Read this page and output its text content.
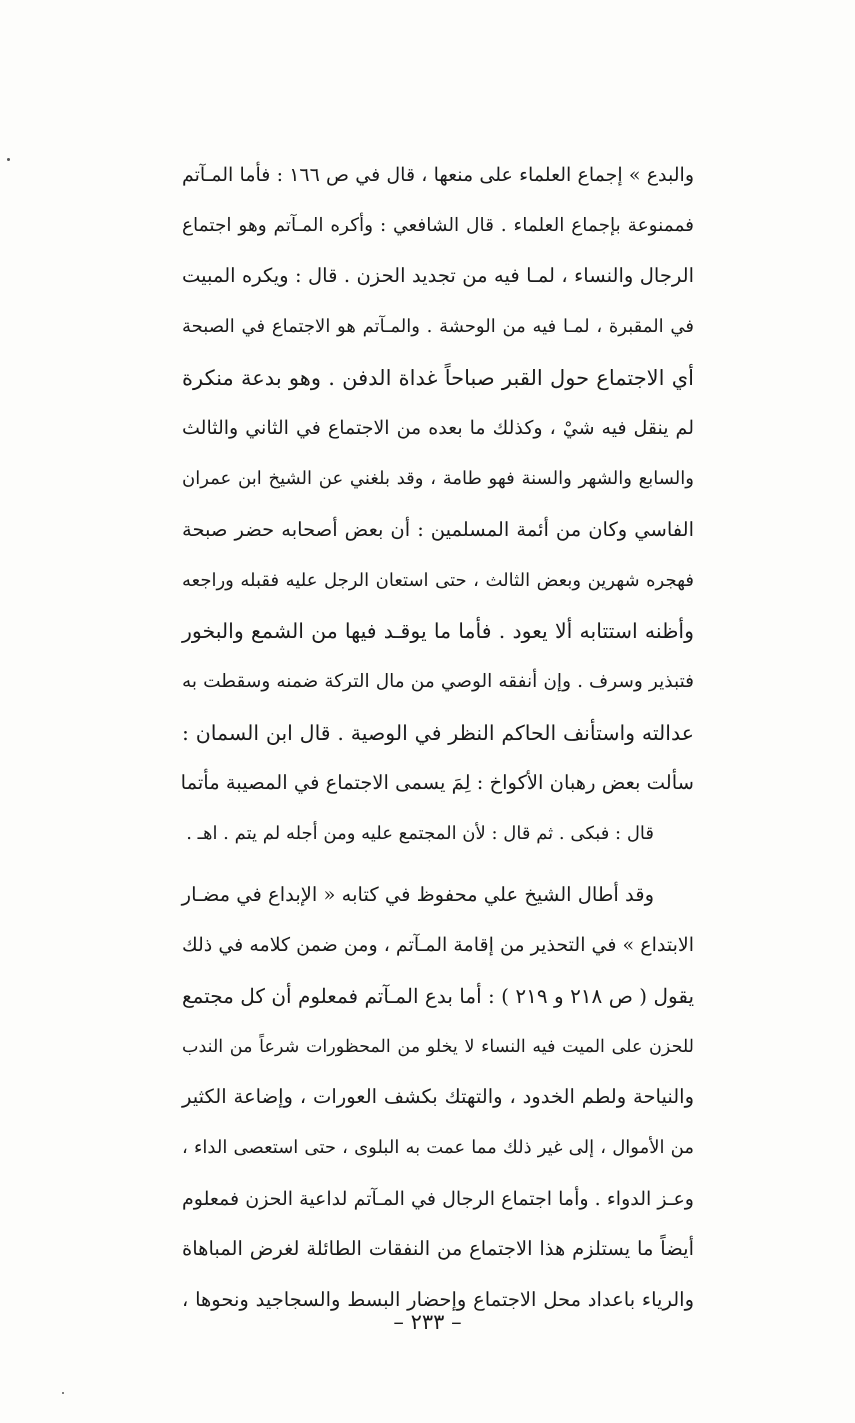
والبدع » إجماع العلماء على منعها ، قال في ص ١٦٦ : فأما المـآتم
فممنوعة بإجماع العلماء . قال الشافعي : وأكره المـآتم وهو اجتماع
الرجال والنساء ، لمـا فيه من تجديد الحزن . قال : ويكره المبيت
في المقبرة ، لمـا فيه من الوحشة . والمـآتم هو الاجتماع في الصبحة
أي الاجتماع حول القبر صباحاً غداة الدفن . وهو بدعة منكرة
لم ينقل فيه شيْ ، وكذلك ما بعده من الاجتماع في الثاني والثالث
والسابع والشهر والسنة فهو طامة ، وقد بلغني عن الشيخ ابن عمران
الفاسي وكان من أئمة المسلمين : أن بعض أصحابه حضر صبحة
فهجره شهرين وبعض الثالث ، حتى استعان الرجل عليه فقبله وراجعه
وأظنه استتابه ألا يعود . فأما ما يوقـد فيها من الشمع والبخور
فتبذير وسرف . وإن أنفقه الوصي من مال التركة ضمنه وسقطت به
عدالته واستأنف الحاكم النظر في الوصية . قال ابن السمان :
سألت بعض رهبان الأكواخ : لِمَ يسمى الاجتماع في المصيبة مأتما
قال : فبكى . ثم قال : لأن المجتمع عليه ومن أجله لم يتم . اهـ .
وقد أطال الشيخ علي محفوظ في كتابه « الإبداع في مضـار
الابتداع » في التحذير من إقامة المـآتم ، ومن ضمن كلامه في ذلك
يقول ( ص ٢١٨ و ٢١٩ ) : أما بدع المـآتم فمعلوم أن كل مجتمع
للحزن على الميت فيه النساء لا يخلو من المحظورات شرعاً من الندب
والنياحة ولطم الخدود ، والتهتك بكشف العورات ، وإضاعة الكثير
من الأموال ، إلى غير ذلك مما عمت به البلوى ، حتى استعصى الداء ،
وعـز الدواء . وأما اجتماع الرجال في المـآتم لداعية الحزن فمعلوم
أيضاً ما يستلزم هذا الاجتماع من النفقات الطائلة لغرض المباهاة
والرياء باعداد محل الاجتماع وإحضار البسط والسجاجيد ونحوها ،
– ٢٣٣ –
